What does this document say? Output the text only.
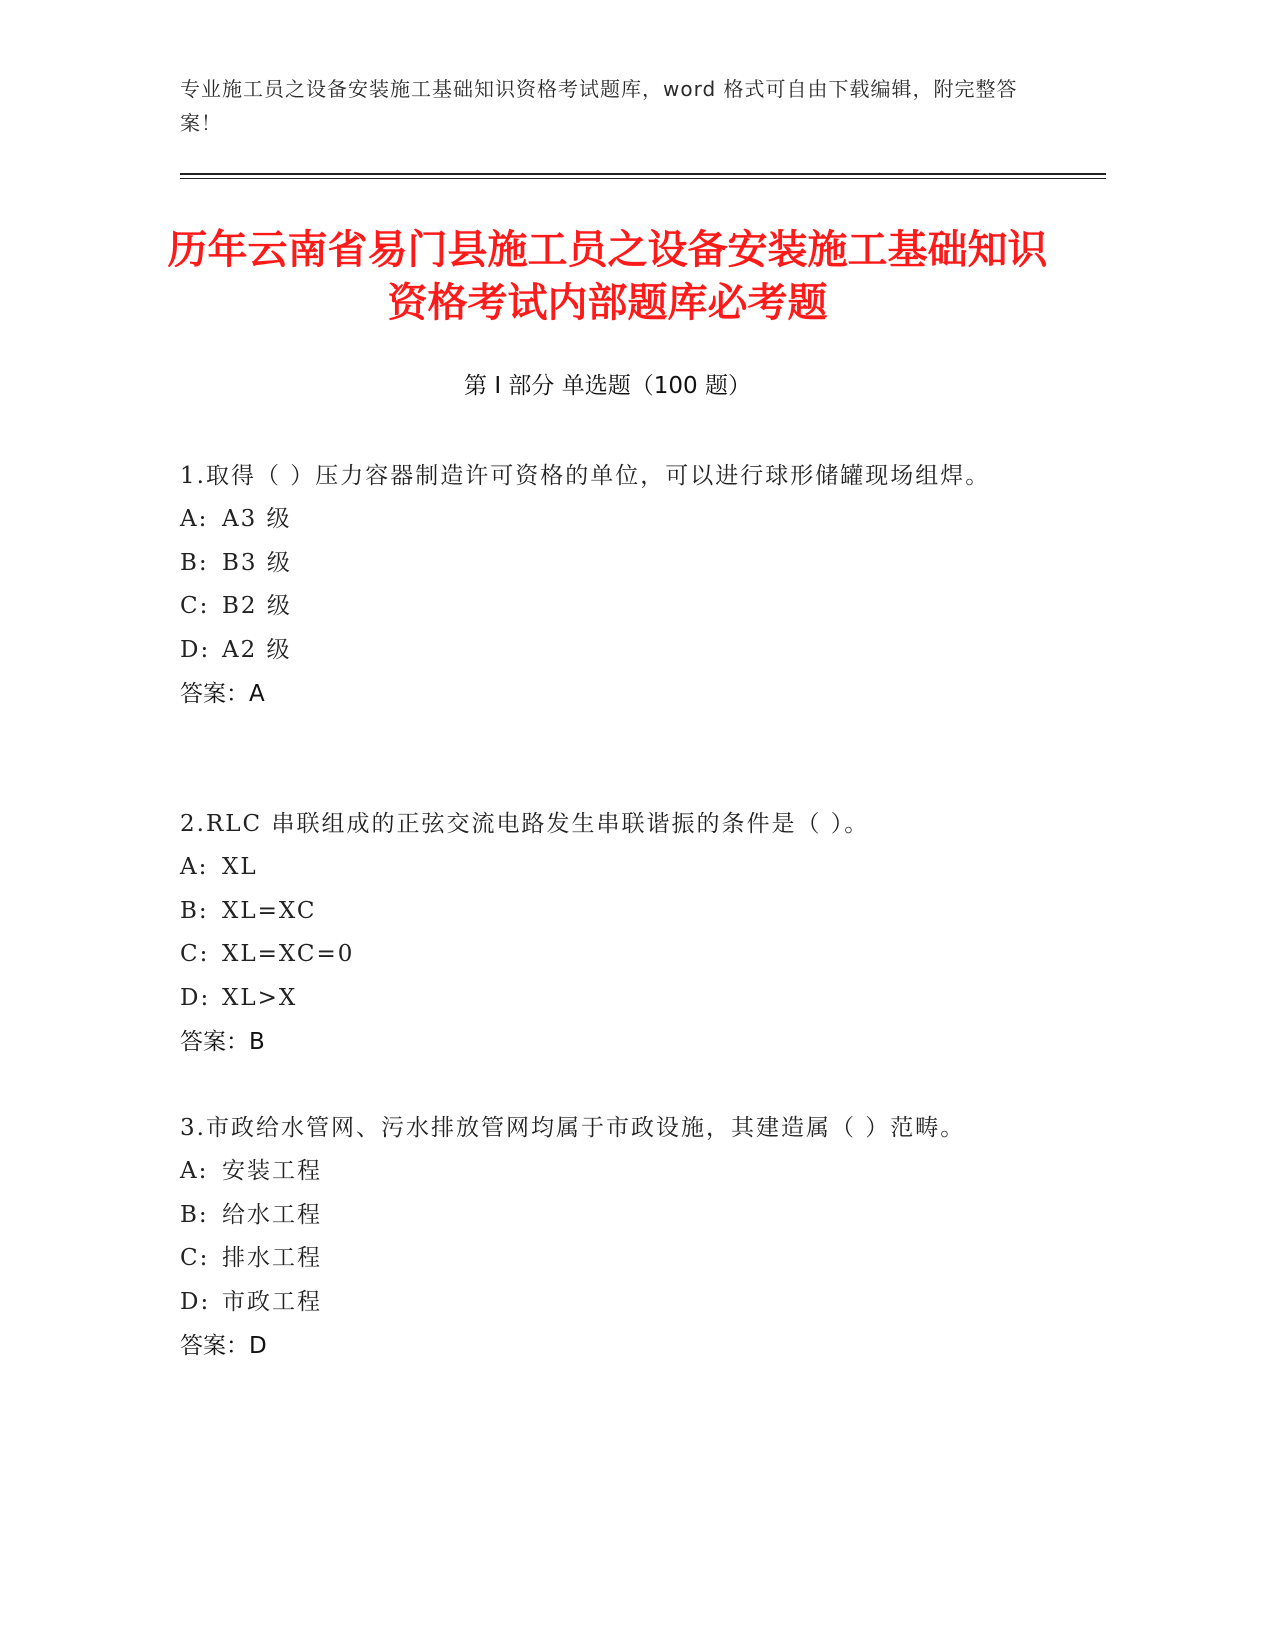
专业施工员之设备安装施工基础知识资格考试题库，word 格式可自由下载编辑，附完整答案！
历年云南省易门县施工员之设备安装施工基础知识资格考试内部题库必考题
第 I 部分 单选题（100 题）
1.取得（ ）压力容器制造许可资格的单位，可以进行球形储罐现场组焊。
A: A3 级
B: B3 级
C: B2 级
D: A2 级
答案：A
2.RLC 串联组成的正弦交流电路发生串联谐振的条件是（ ）。
A: XL
B: XL=XC
C: XL=XC=0
D: XL>X
答案：B
3.市政给水管网、污水排放管网均属于市政设施，其建造属（ ）范畴。
A: 安装工程
B: 给水工程
C: 排水工程
D: 市政工程
答案：D
